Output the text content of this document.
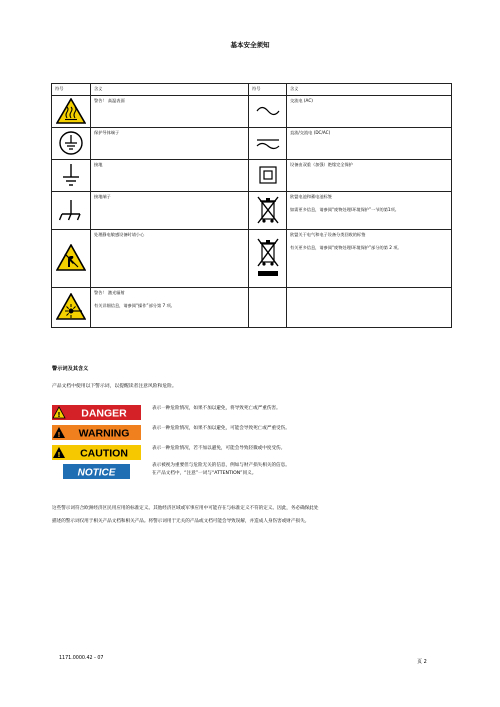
基本安全须知
符号	含义	符号	含义

警告！ 高温表面		交流电 (AC)

保护导体端子		直流/交流电 (DC/AC)

接地		设备由双重（加强）绝缘完全保护

接地端子		欧盟电池和蓄电池标签
如需更多信息，请参阅“废物处理/环境保护”一节的第1项。

处理静电敏感设备时请小心		欧盟关于电气和电子设备分类回收的标签
有关更多信息，请参阅“废物处理/环境保护”部分的第 2 项。

警告！ 激光辐射
有关详细信息，请参阅“操作”部分第 7 项。		

警示词及其含义
产品文档中使用以下警示词，以提醒读者注意风险和危险。
! DANGER	表示一种危险情况，如果不加以避免，将导致死亡或严重伤害。
! WARNING	表示一种危险情况，如果不加以避免，可能会导致死亡或严重受伤。
! CAUTION	表示一种危险情况，若不加以避免，可能会导致轻微或中度受伤。
NOTICE
表示被视为重要但与危险无关的信息，例如与财产损失相关的信息。
在产品文档中，“注意”一词与“ATTENTION”同义。
这些警示词符合欧洲经济区民用应用的标准定义。其他经济区域或军事应用中可能存在与标准定义不符的定义。因此，务必确保此处
描述的警示词仅用于相关产品文档和相关产品。将警示词用于无关的产品或文档可能会导致误解，并造成人身伤害或财产损失。
1171.0000.42 - 07
页 2
